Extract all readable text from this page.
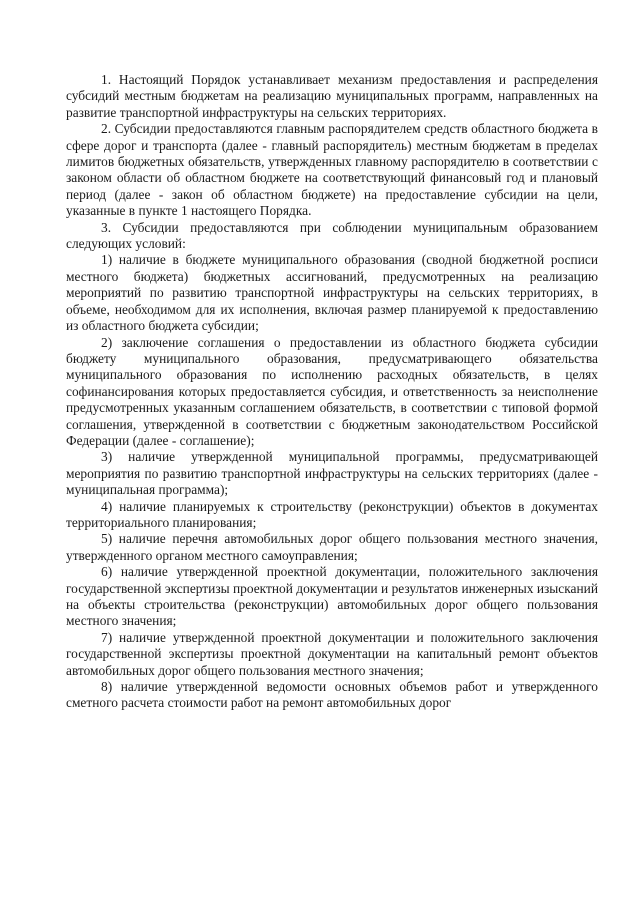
1. Настоящий Порядок устанавливает механизм предоставления и распределения субсидий местным бюджетам на реализацию муниципальных программ, направленных на развитие транспортной инфраструктуры на сельских территориях.

2. Субсидии предоставляются главным распорядителем средств областного бюджета в сфере дорог и транспорта (далее - главный распорядитель) местным бюджетам в пределах лимитов бюджетных обязательств, утвержденных главному распорядителю в соответствии с законом области об областном бюджете на соответствующий финансовый год и плановый период (далее - закон об областном бюджете) на предоставление субсидии на цели, указанные в пункте 1 настоящего Порядка.

3. Субсидии предоставляются при соблюдении муниципальным образованием следующих условий:

1) наличие в бюджете муниципального образования (сводной бюджетной росписи местного бюджета) бюджетных ассигнований, предусмотренных на реализацию мероприятий по развитию транспортной инфраструктуры на сельских территориях, в объеме, необходимом для их исполнения, включая размер планируемой к предоставлению из областного бюджета субсидии;

2) заключение соглашения о предоставлении из областного бюджета субсидии бюджету муниципального образования, предусматривающего обязательства муниципального образования по исполнению расходных обязательств, в целях софинансирования которых предоставляется субсидия, и ответственность за неисполнение предусмотренных указанным соглашением обязательств, в соответствии с типовой формой соглашения, утвержденной в соответствии с бюджетным законодательством Российской Федерации (далее - соглашение);

3) наличие утвержденной муниципальной программы, предусматривающей мероприятия по развитию транспортной инфраструктуры на сельских территориях (далее - муниципальная программа);

4) наличие планируемых к строительству (реконструкции) объектов в документах территориального планирования;

5) наличие перечня автомобильных дорог общего пользования местного значения, утвержденного органом местного самоуправления;

6) наличие утвержденной проектной документации, положительного заключения государственной экспертизы проектной документации и результатов инженерных изысканий на объекты строительства (реконструкции) автомобильных дорог общего пользования местного значения;

7) наличие утвержденной проектной документации и положительного заключения государственной экспертизы проектной документации на капитальный ремонт объектов автомобильных дорог общего пользования местного значения;

8) наличие утвержденной ведомости основных объемов работ и утвержденного сметного расчета стоимости работ на ремонт автомобильных дорог
